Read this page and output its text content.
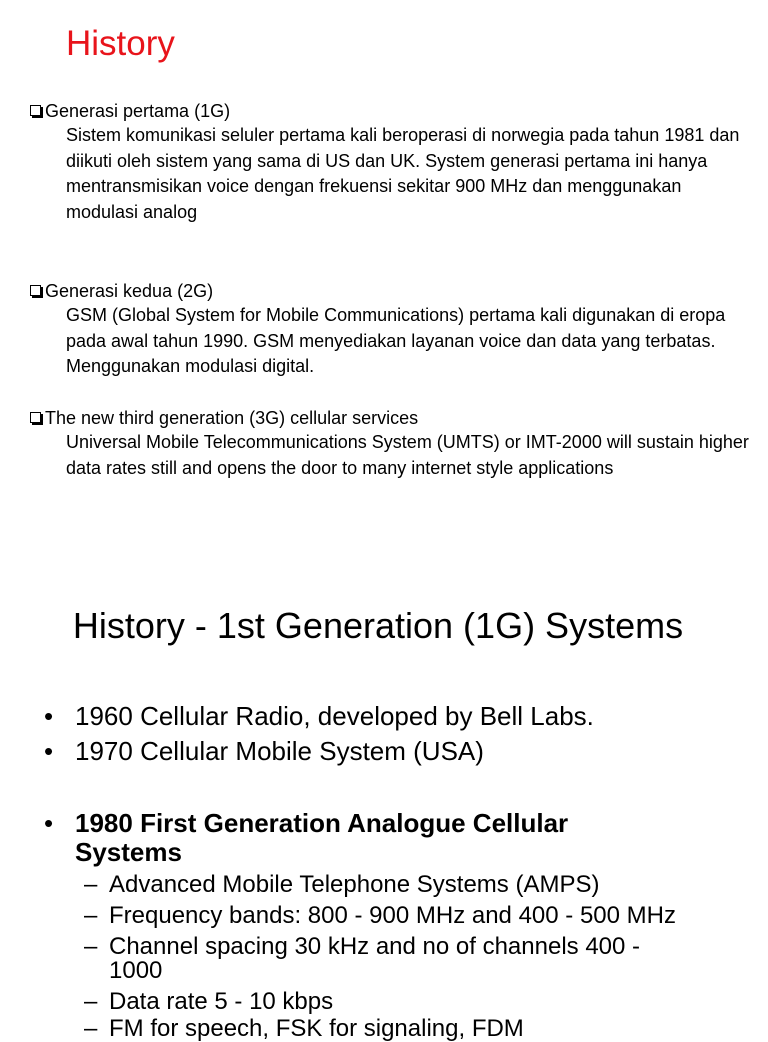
History
Generasi pertama (1G)
Sistem komunikasi seluler pertama kali beroperasi di norwegia pada tahun 1981 dan diikuti oleh sistem yang sama di US dan UK. System generasi pertama ini hanya mentransmisikan voice dengan frekuensi sekitar 900 MHz dan menggunakan modulasi analog
Generasi kedua (2G)
GSM (Global System for Mobile Communications) pertama kali digunakan di eropa pada awal tahun 1990. GSM menyediakan layanan voice dan data yang terbatas. Menggunakan modulasi digital.
The new third generation (3G) cellular services
Universal Mobile Telecommunications System (UMTS) or IMT-2000 will sustain higher data rates still and opens the door to many internet style applications
History - 1st Generation (1G) Systems
• 1960 Cellular Radio, developed by Bell Labs.
• 1970 Cellular Mobile System (USA)
• 1980 First Generation Analogue Cellular
Systems
– Advanced Mobile Telephone Systems (AMPS)
– Frequency bands: 800 - 900 MHz and 400 - 500 MHz
– Channel spacing 30 kHz and no of channels 400 -
1000
– Data rate 5 - 10 kbps
– FM for speech, FSK for signaling, FDM
